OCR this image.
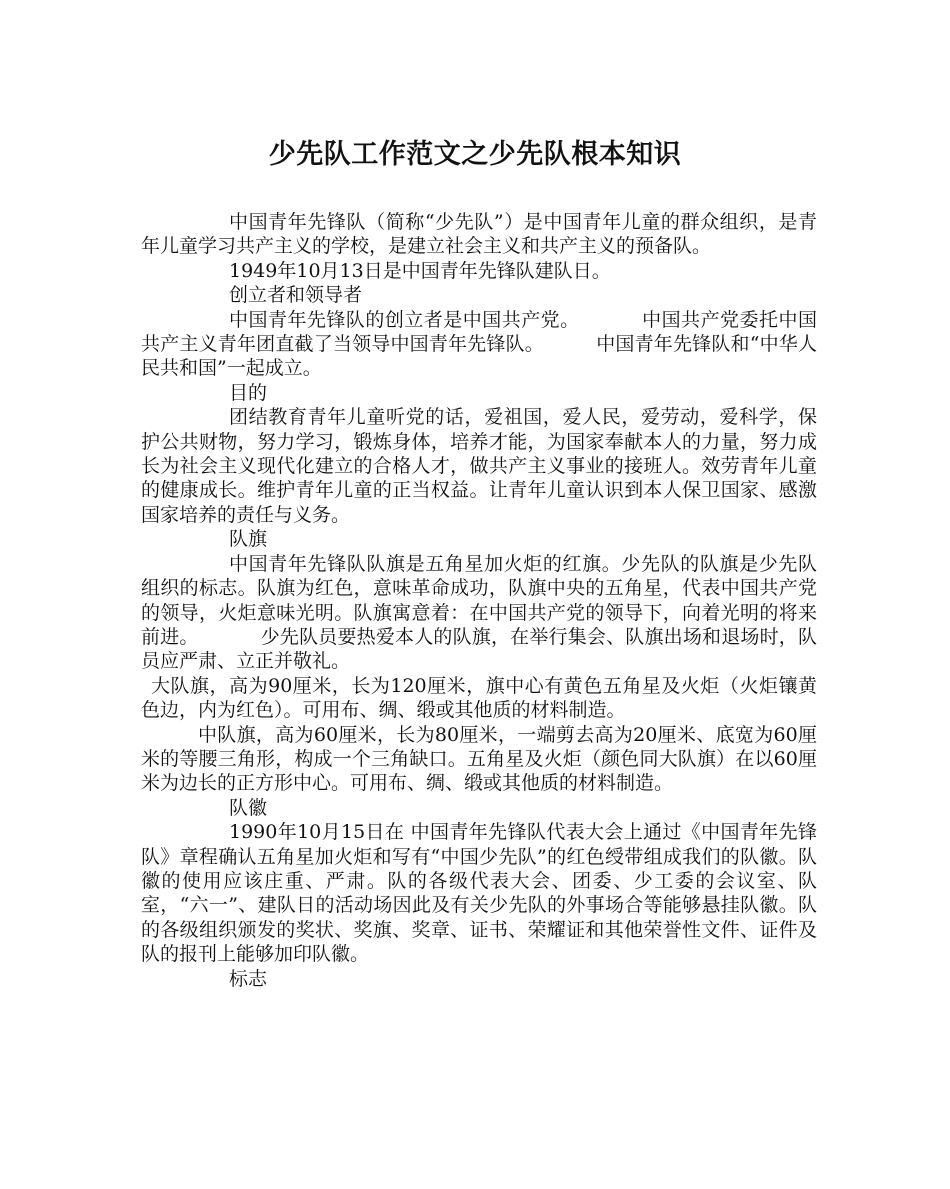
少先队工作范文之少先队根本知识

中国青年先锋队（简称“少先队”）是中国青年儿童的群众组织，是青年儿童学习共产主义的学校，是建立社会主义和共产主义的预备队。

1949年10月13日是中国青年先锋队建队日。

创立者和领导者

中国青年先锋队的创立者是中国共产党。	中国共产党委托中国共产主义青年团直截了当领导中国青年先锋队。	中国青年先锋队和“中华人民共和国”一起成立。

目的

团结教育青年儿童听党的话，爱祖国，爱人民，爱劳动，爱科学，保护公共财物，努力学习，锻炼身体，培养才能，为国家奉献本人的力量，努力成长为社会主义现代化建立的合格人才，做共产主义事业的接班人。效劳青年儿童的健康成长。维护青年儿童的正当权益。让青年儿童认识到本人保卫国家、感激国家培养的责任与义务。

队旗

中国青年先锋队队旗是五角星加火炬的红旗。少先队的队旗是少先队组织的标志。队旗为红色，意味革命成功，队旗中央的五角星，代表中国共产党的领导，火炬意味光明。队旗寓意着：在中国共产党的领导下，向着光明的将来前进。	少先队员要热爱本人的队旗，在举行集会、队旗出场和退场时，队员应严肃、立正并敬礼。

大队旗，高为90厘米，长为120厘米，旗中心有黄色五角星及火炬（火炬镶黄色边，内为红色）。可用布、绸、缎或其他质的材料制造。

中队旗，高为60厘米，长为80厘米，一端剪去高为20厘米、底宽为60厘米的等腰三角形，构成一个三角缺口。五角星及火炬（颜色同大队旗）在以60厘米为边长的正方形中心。可用布、绸、缎或其他质的材料制造。

队徽

1990年10月15日在 中国青年先锋队代表大会上通过《中国青年先锋队》章程确认五角星加火炬和写有“中国少先队”的红色绶带组成我们的队徽。队徽的使用应该庄重、严肃。队的各级代表大会、团委、少工委的会议室、队室，“六一”、建队日的活动场因此及有关少先队的外事场合等能够悬挂队徽。队的各级组织颁发的奖状、奖旗、奖章、证书、荣耀证和其他荣誉性文件、证件及队的报刊上能够加印队徽。

标志
